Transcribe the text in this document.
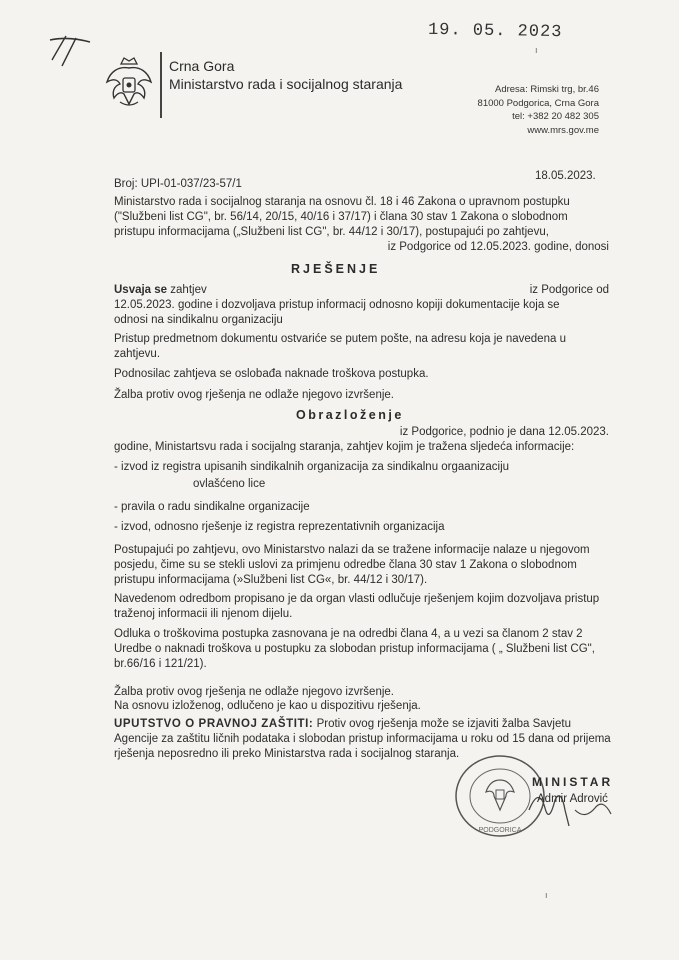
19. 05. 2023
Crna Gora
Ministarstvo rada i socijalnog staranja	Adresa: Rimski trg, br.46
81000 Podgorica, Crna Gora
tel: +382 20 482 305
www.mrs.gov.me
Broj: UPI-01-037/23-57/1
18.05.2023.
Ministarstvo rada i socijalnog staranja na osnovu čl. 18 i 46 Zakona o upravnom postupku ("Službeni list CG", br. 56/14, 20/15, 40/16 i 37/17) i člana 30 stav 1 Zakona o slobodnom
pristupu informacijama („Službeni list CG", br. 44/12 i 30/17), postupajući po zahtjevu,
iz Podgorice od 12.05.2023. godine, donosi
RJEŠENJE
Usvaja se zahtjev	iz Podgorice od
12.05.2023. godine i dozvoljava pristup informacij odnosno kopiji dokumentacije koja se
odnosi na sindikalnu organizaciju
Pristup predmetnom dokumentu ostvariće se putem pošte, na adresu koja je navedena u zahtjevu.
Podnosilac zahtjeva se oslobađa naknade troškova postupka.
Žalba protiv ovog rješenja ne odlaže njegovo izvršenje.
Obrazloženje
iz Podgorice, podnio je dana 12.05.2023.
godine, Ministartsvu rada i socijalng staranja, zahtjev kojim je tražena sljedeća informacije:
- izvod iz registra upisanih sindikalnih organizacija za sindikalnu orgaanizaciju
ovlašćeno lice
- pravila o radu sindikalne organizacije
- izvod, odnosno rješenje iz registra reprezentativnih organizacija
Postupajući po zahtjevu, ovo Ministarstvo nalazi da se tražene informacije nalaze u njegovom posjedu, čime su se stekli uslovi za primjenu odredbe člana 30 stav 1 Zakona o slobodnom pristupu informacijama (»Službeni list CG«, br. 44/12 i 30/17).
Navedenom odredbom propisano je da organ vlasti odlučuje rješenjem kojim dozvoljava pristup traženoj informacii ili njenom dijelu.
Odluka o troškovima postupka zasnovana je na odredbi člana 4, a u vezi sa članom 2 stav 2 Uredbe o naknadi troškova u postupku za slobodan pristup informacijama ( „ Službeni list CG", br.66/16 i 121/21).
Žalba protiv ovog rješenja ne odlaže njegovo izvršenje.
Na osnovu izloženog, odlučeno je kao u dispozitivu rješenja.
UPUTSTVO O PRAVNOJ ZAŠTITI: Protiv ovog rješenja može se izjaviti žalba Savjetu Agencije za zaštitu ličnih podataka i slobodan pristup informacijama u roku od 15 dana od prijema rješenja neposredno ili preko Ministarstva rada i socijalnog staranja.
PODGORICA
MINISTAR
Admir Adrović
ı
ı
